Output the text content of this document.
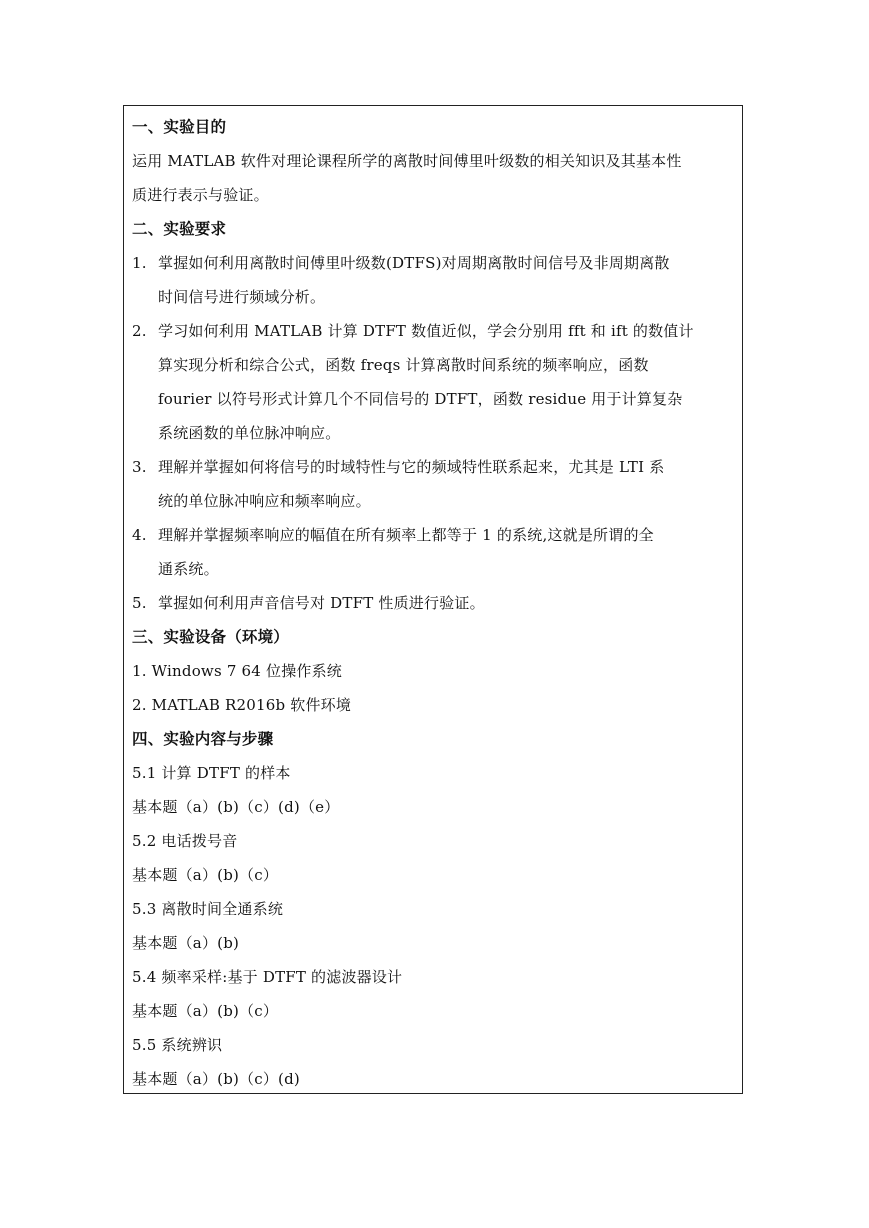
一、实验目的
运用 MATLAB 软件对理论课程所学的离散时间傅里叶级数的相关知识及其基本性
质进行表示与验证。
二、实验要求
1. 掌握如何利用离散时间傅里叶级数(DTFS)对周期离散时间信号及非周期离散
时间信号进行频域分析。
2. 学习如何利用 MATLAB 计算 DTFT 数值近似，学会分别用 fft 和 ift 的数值计
算实现分析和综合公式，函数 freqs 计算离散时间系统的频率响应，函数
fourier 以符号形式计算几个不同信号的 DTFT，函数 residue 用于计算复杂
系统函数的单位脉冲响应。
3. 理解并掌握如何将信号的时域特性与它的频域特性联系起来，尤其是 LTI 系
统的单位脉冲响应和频率响应。
4. 理解并掌握频率响应的幅值在所有频率上都等于 1 的系统,这就是所谓的全
通系统。
5. 掌握如何利用声音信号对 DTFT 性质进行验证。
三、实验设备（环境）
1. Windows 7 64 位操作系统
2. MATLAB R2016b 软件环境
四、实验内容与步骤
5.1 计算 DTFT 的样本
基本题（a）(b)（c）(d)（e）
5.2 电话拨号音
基本题（a）(b)（c）
5.3 离散时间全通系统
基本题（a）(b)
5.4 频率采样:基于 DTFT 的滤波器设计
基本题（a）(b)（c）
5.5 系统辨识
基本题（a）(b)（c）(d)
